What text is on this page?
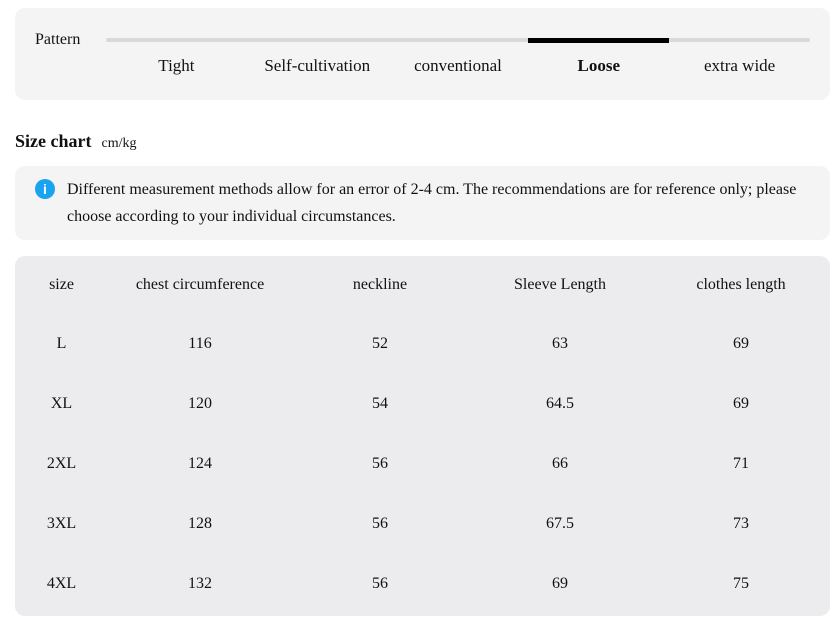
Pattern
Tight	Self-cultivation	conventional	Loose	extra wide
Size chart cm/kg
i	Different measurement methods allow for an error of 2-4 cm. The recommendations are for reference only; please choose according to your individual circumstances.
size	chest circumference	neckline	Sleeve Length	clothes length
L	116	52	63	69
XL	120	54	64.5	69
2XL	124	56	66	71
3XL	128	56	67.5	73
4XL	132	56	69	75
